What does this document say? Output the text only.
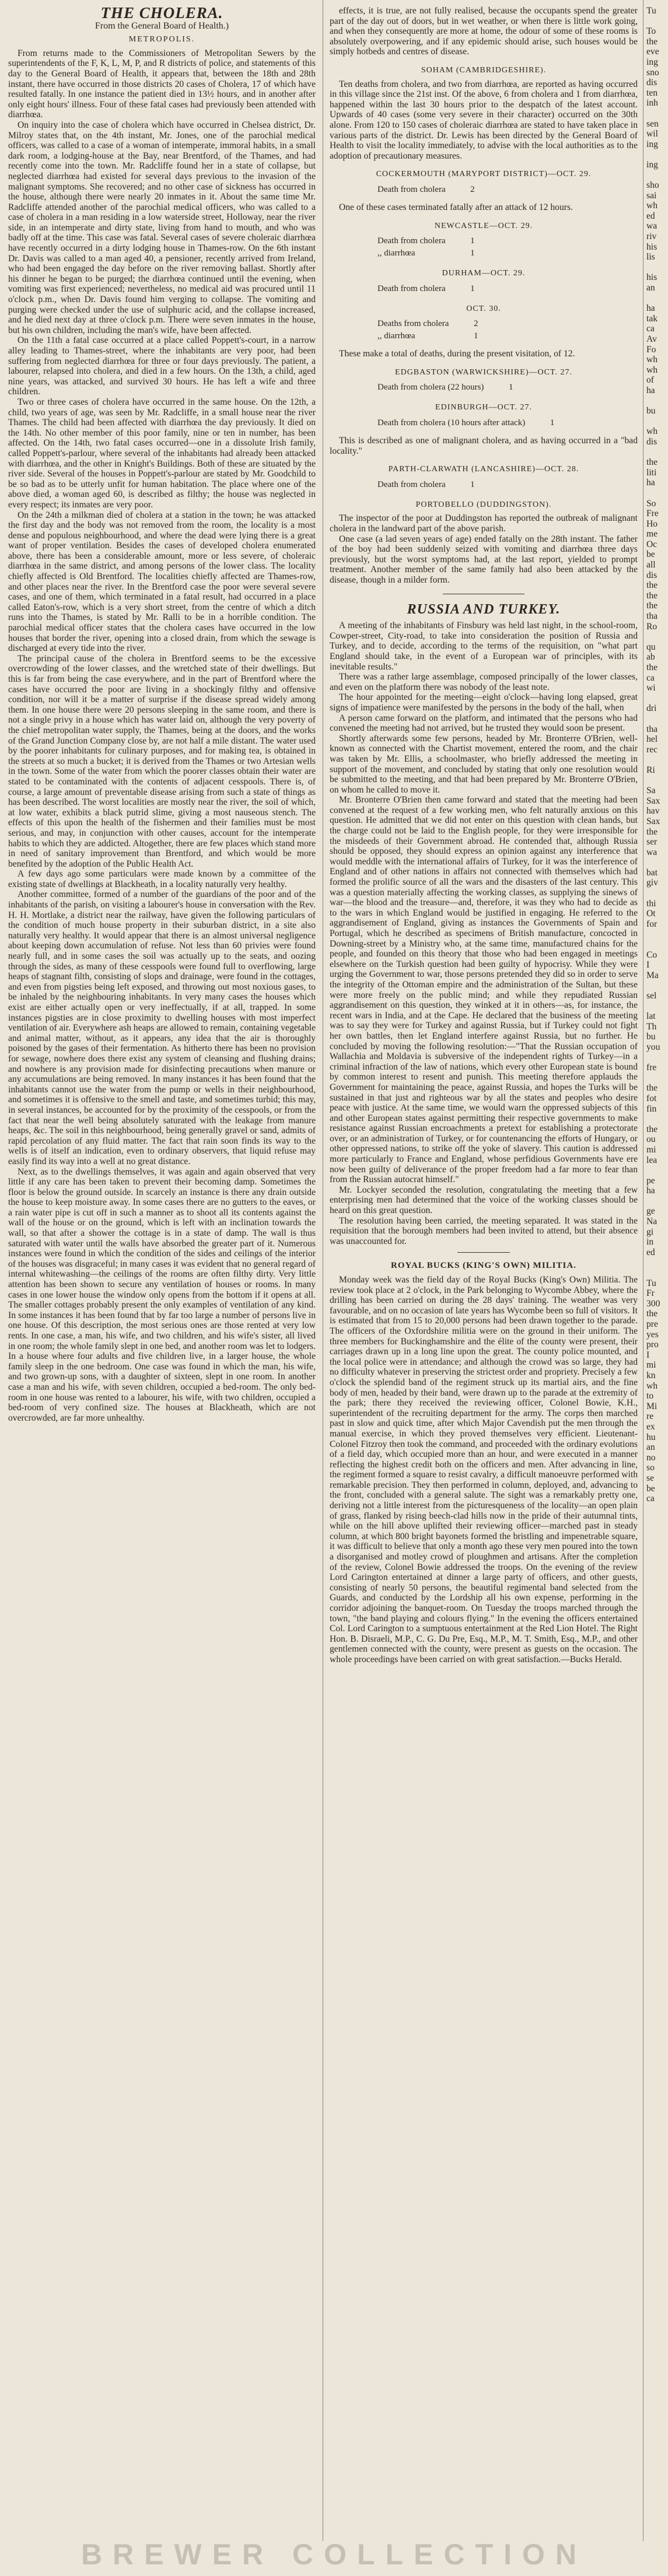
THE CHOLERA.
From the General Board of Health.)
METROPOLIS.

From returns made to the Commissioners of Metropolitan Sewers by the superintendents of the F, K, L, M, P, and R districts of police, and statements of this day to the General Board of Health, it appears that, between the 18th and 28th instant, there have occurred in those districts 20 cases of Cholera, 17 of which have resulted fatally. In one instance the patient died in 13½ hours, and in another after only eight hours' illness. Four of these fatal cases had previously been attended with diarrhœa.

On inquiry into the case of cholera which have occurred in Chelsea district, Dr. Milroy states that, on the 4th instant, Mr. Jones, one of the parochial medical officers, was called to a case of a woman of intemperate, immoral habits, in a small dark room, a lodging-house at the Bay, near Brentford, of the Thames, and had recently come into the town. Mr. Radcliffe found her in a state of collapse, but neglected diarrhœa had existed for several days previous to the invasion of the malignant symptoms. She recovered; and no other case of sickness has occurred in the house, although there were nearly 20 inmates in it. About the same time Mr. Radcliffe attended another of the parochial medical officers, who was called to a case of cholera in a man residing in a low waterside street, Holloway, near the river side, in an intemperate and dirty state, living from hand to mouth, and who was badly off at the time. This case was fatal. Several cases of severe choleraic diarrhœa have recently occurred in a dirty lodging house in Thames-row. On the 6th instant Dr. Davis was called to a man aged 40, a pensioner, recently arrived from Ireland, who had been engaged the day before on the river removing ballast. Shortly after his dinner he began to be purged; the diarrhœa continued until the evening, when vomiting was first experienced; nevertheless, no medical aid was procured until 11 o'clock p.m., when Dr. Davis found him verging to collapse. The vomiting and purging were checked under the use of sulphuric acid, and the collapse increased, and he died next day at three o'clock p.m. There were seven inmates in the house, but his own children, including the man's wife, have been affected.

On the 11th a fatal case occurred at a place called Poppett's-court, in a narrow alley leading to Thames-street, where the inhabitants are very poor, had been suffering from neglected diarrhœa for three or four days previously. The patient, a labourer, relapsed into cholera, and died in a few hours. On the 13th, a child, aged nine years, was attacked, and survived 30 hours. He has left a wife and three children.

Two or three cases of cholera have occurred in the same house. On the 12th, a child, two years of age, was seen by Mr. Radcliffe, in a small house near the river Thames. The child had been affected with diarrhœa the day previously. It died on the 14th. No other member of this poor family, nine or ten in number, has been affected. On the 14th, two fatal cases occurred—one in a dissolute Irish family, called Poppett's-parlour, where several of the inhabitants had already been attacked with diarrhœa, and the other in Knight's Buildings. Both of these are situated by the river side. Several of the houses in Poppett's-parlour are stated by Mr. Goodchild to be so bad as to be utterly unfit for human habitation. The place where one of the above died, a woman aged 60, is described as filthy; the house was neglected in every respect; its inmates are very poor.

On the 24th a milkman died of cholera at a station in the town; he was attacked the first day and the body was not removed from the room, the locality is a most dense and populous neighbourhood, and where the dead were lying there is a great want of proper ventilation. Besides the cases of developed cholera enumerated above, there has been a considerable amount, more or less severe, of choleraic diarrhœa in the same district, and among persons of the lower class. The locality chiefly affected is Old Brentford. The localities chiefly affected are Thames-row, and other places near the river. In the Brentford case the poor were several severe cases, and one of them, which terminated in a fatal result, had occurred in a place called Eaton's-row, which is a very short street, from the centre of which a ditch runs into the Thames, is stated by Mr. Ralli to be in a horrible condition. The parochial medical officer states that the cholera cases have occurred in the low houses that border the river, opening into a closed drain, from which the sewage is discharged at every tide into the river.

The principal cause of the cholera in Brentford seems to be the excessive overcrowding of the lower classes, and the wretched state of their dwellings. But this is far from being the case everywhere, and in the part of Brentford where the cases have occurred the poor are living in a shockingly filthy and offensive condition, nor will it be a matter of surprise if the disease spread widely among them. In one house there were 20 persons sleeping in the same room, and there is not a single privy in a house which has water laid on, although the very poverty of the chief metropolitan water supply, the Thames, being at the doors, and the works of the Grand Junction Company close by, are not half a mile distant. The water used by the poorer inhabitants for culinary purposes, and for making tea, is obtained in the streets at so much a bucket; it is derived from the Thames or two Artesian wells in the town. Some of the water from which the poorer classes obtain their water are stated to be contaminated with the contents of adjacent cesspools. There is, of course, a large amount of preventable disease arising from such a state of things as has been described. The worst localities are mostly near the river, the soil of which, at low water, exhibits a black putrid slime, giving a most nauseous stench. The effects of this upon the health of the fishermen and their families must be most serious, and may, in conjunction with other causes, account for the intemperate habits to which they are addicted. Altogether, there are few places which stand more in need of sanitary improvement than Brentford, and which would be more benefited by the adoption of the Public Health Act.

A few days ago some particulars were made known by a committee of the existing state of dwellings at Blackheath, in a locality naturally very healthy.

Another committee, formed of a number of the guardians of the poor and of the inhabitants of the parish, on visiting a labourer's house in conversation with the Rev. H. H. Mortlake, a district near the railway, have given the following particulars of the condition of much house property in their suburban district, in a site also naturally very healthy. It would appear that there is an almost universal negligence about keeping down accumulation of refuse. Not less than 60 privies were found nearly full, and in some cases the soil was actually up to the seats, and oozing through the sides, as many of these cesspools were found full to overflowing, large heaps of stagnant filth, consisting of slops and drainage, were found in the cottages, and even from pigsties being left exposed, and throwing out most noxious gases, to be inhaled by the neighbouring inhabitants. In very many cases the houses which exist are either actually open or very ineffectually, if at all, trapped. In some instances pigsties are in close proximity to dwelling houses with most imperfect ventilation of air. Everywhere ash heaps are allowed to remain, containing vegetable and animal matter, without, as it appears, any idea that the air is thoroughly poisoned by the gases of their fermentation. As hitherto there has been no provision for sewage, nowhere does there exist any system of cleansing and flushing drains; and nowhere is any provision made for disinfecting precautions when manure or any accumulations are being removed. In many instances it has been found that the inhabitants cannot use the water from the pump or wells in their neighbourhood, and sometimes it is offensive to the smell and taste, and sometimes turbid; this may, in several instances, be accounted for by the proximity of the cesspools, or from the fact that near the well being absolutely saturated with the leakage from manure heaps, &c. The soil in this neighbourhood, being generally gravel or sand, admits of rapid percolation of any fluid matter. The fact that rain soon finds its way to the wells is of itself an indication, even to ordinary observers, that liquid refuse may easily find its way into a well at no great distance.

Next, as to the dwellings themselves, it was again and again observed that very little if any care has been taken to prevent their becoming damp. Sometimes the floor is below the ground outside. In scarcely an instance is there any drain outside the house to keep moisture away. In some cases there are no gutters to the eaves, or a rain water pipe is cut off in such a manner as to shoot all its contents against the wall of the house or on the ground, which is left with an inclination towards the wall, so that after a shower the cottage is in a state of damp. The wall is thus saturated with water until the walls have absorbed the greater part of it. Numerous instances were found in which the condition of the sides and ceilings of the interior of the houses was disgraceful; in many cases it was evident that no general regard of internal whitewashing—the ceilings of the rooms are often filthy dirty. Very little attention has been shown to secure any ventilation of houses or rooms. In many cases in one lower house the window only opens from the bottom if it opens at all. The smaller cottages probably present the only examples of ventilation of any kind. In some instances it has been found that by far too large a number of persons live in one house. Of this description, the most serious ones are those rented at very low rents. In one case, a man, his wife, and two children, and his wife's sister, all lived in one room; the whole family slept in one bed, and another room was let to lodgers. In a house where four adults and five children live, in a larger house, the whole family sleep in the one bedroom. One case was found in which the man, his wife, and two grown-up sons, with a daughter of sixteen, slept in one room. In another case a man and his wife, with seven children, occupied a bed-room. The only bed-room in one house was rented to a labourer, his wife, with two children, occupied a bed-room of very confined size. The houses at Blackheath, which are not overcrowded, are far more unhealthy.

effects, it is true, are not fully realised, because the occupants spend the greater part of the day out of doors, but in wet weather, or when there is little work going, and when they consequently are more at home, the odour of some of these rooms is absolutely overpowering, and if any epidemic should arise, such houses would be simply hotbeds and centres of disease.

SOHAM (CAMBRIDGESHIRE).

Ten deaths from cholera, and two from diarrhœa, are reported as having occurred in this village since the 21st inst. Of the above, 6 from cholera and 1 from diarrhœa, happened within the last 30 hours prior to the despatch of the latest account. Upwards of 40 cases (some very severe in their character) occurred on the 30th alone. From 120 to 150 cases of choleraic diarrhœa are stated to have taken place in various parts of the district. Dr. Lewis has been directed by the General Board of Health to visit the locality immediately, to advise with the local authorities as to the adoption of precautionary measures.

COCKERMOUTH (MARYPORT DISTRICT)—OCT. 29.
Death from cholera	2

One of these cases terminated fatally after an attack of 12 hours.

NEWCASTLE—OCT. 29.
Death from cholera	1
,, diarrhœa	1
DURHAM—OCT. 29.
Death from cholera	1
OCT. 30.
Deaths from cholera	2
,, diarrhœa	1

These make a total of deaths, during the present visitation, of 12.

EDGBASTON (WARWICKSHIRE)—OCT. 27.
Death from cholera (22 hours)	1
EDINBURGH—OCT. 27.
Death from cholera (10 hours after attack)	1

This is described as one of malignant cholera, and as having occurred in a "bad locality."

PARTH-CLARWATH (LANCASHIRE)—OCT. 28.
Death from cholera	1
PORTOBELLO (DUDDINGSTON).

The inspector of the poor at Duddingston has reported the outbreak of malignant cholera in the landward part of the above parish.

One case (a lad seven years of age) ended fatally on the 28th instant. The father of the boy had been suddenly seized with vomiting and diarrhœa three days previously, but the worst symptoms had, at the last report, yielded to prompt treatment. Another member of the same family had also been attacked by the disease, though in a milder form.

RUSSIA AND TURKEY.

A meeting of the inhabitants of Finsbury was held last night, in the school-room, Cowper-street, City-road, to take into consideration the position of Russia and Turkey, and to decide, according to the terms of the requisition, on "what part England should take, in the event of a European war of principles, with its inevitable results."

There was a rather large assemblage, composed principally of the lower classes, and even on the platform there was nobody of the least note.

The hour appointed for the meeting—eight o'clock—having long elapsed, great signs of impatience were manifested by the persons in the body of the hall, when

A person came forward on the platform, and intimated that the persons who had convened the meeting had not arrived, but he trusted they would soon be present.

Shortly afterwards some few persons, headed by Mr. Bronterre O'Brien, well-known as connected with the Chartist movement, entered the room, and the chair was taken by Mr. Ellis, a schoolmaster, who briefly addressed the meeting in support of the movement, and concluded by stating that only one resolution would be submitted to the meeting, and that had been prepared by Mr. Bronterre O'Brien, on whom he called to move it.

Mr. Bronterre O'Brien then came forward and stated that the meeting had been convened at the request of a few working men, who felt naturally anxious on this question. He admitted that we did not enter on this question with clean hands, but the charge could not be laid to the English people, for they were irresponsible for the misdeeds of their Government abroad. He contended that, although Russia should be opposed, they should express an opinion against any interference that would meddle with the international affairs of Turkey, for it was the interference of England and of other nations in affairs not connected with themselves which had formed the prolific source of all the wars and the disasters of the last century. This was a question materially affecting the working classes, as supplying the sinews of war—the blood and the treasure—and, therefore, it was they who had to decide as to the wars in which England would be justified in engaging. He referred to the aggrandisement of England, giving as instances the Governments of Spain and Portugal, which he described as specimens of British manufacture, concocted in Downing-street by a Ministry who, at the same time, manufactured chains for the people, and founded on this theory that those who had been engaged in meetings elsewhere on the Turkish question had been guilty of hypocrisy. While they were urging the Government to war, those persons pretended they did so in order to serve the integrity of the Ottoman empire and the administration of the Sultan, but these were more freely on the public mind; and while they repudiated Russian aggrandisement on this question, they winked at it in others—as, for instance, the recent wars in India, and at the Cape. He declared that the business of the meeting was to say they were for Turkey and against Russia, but if Turkey could not fight her own battles, then let England interfere against Russia, but no further. He concluded by moving the following resolution:—"That the Russian occupation of Wallachia and Moldavia is subversive of the independent rights of Turkey—in a criminal infraction of the law of nations, which every other European state is bound by common interest to resent and punish. This meeting therefore applauds the Government for maintaining the peace, against Russia, and hopes the Turks will be sustained in that just and righteous war by all the states and peoples who desire peace with justice. At the same time, we would warn the oppressed subjects of this and other European states against permitting their respective governments to make resistance against Russian encroachments a pretext for establishing a protectorate over, or an administration of Turkey, or for countenancing the efforts of Hungary, or other oppressed nations, to strike off the yoke of slavery. This caution is addressed more particularly to France and England, whose perfidious Governments have ere now been guilty of deliverance of the proper freedom had a far more to fear than from the Russian autocrat himself."

Mr. Lockyer seconded the resolution, congratulating the meeting that a few enterprising men had determined that the voice of the working classes should be heard on this great question.

The resolution having been carried, the meeting separated. It was stated in the requisition that the borough members had been invited to attend, but their absence was unaccounted for.

ROYAL BUCKS (KING'S OWN) MILITIA.

Monday week was the field day of the Royal Bucks (King's Own) Militia. The review took place at 2 o'clock, in the Park belonging to Wycombe Abbey, where the drilling has been carried on during the 28 days' training. The weather was very favourable, and on no occasion of late years has Wycombe been so full of visitors. It is estimated that from 15 to 20,000 persons had been drawn together to the parade. The officers of the Oxfordshire militia were on the ground in their uniform. The three members for Buckinghamshire and the élite of the county were present, their carriages drawn up in a long line upon the great. The county police mounted, and the local police were in attendance; and although the crowd was so large, they had no difficulty whatever in preserving the strictest order and propriety. Precisely a few o'clock the splendid band of the regiment struck up its martial airs, and the fine body of men, headed by their band, were drawn up to the parade at the extremity of the park; there they received the reviewing officer, Colonel Bowie, K.H., superintendent of the recruiting department for the army. The corps then marched past in slow and quick time, after which Major Cavendish put the men through the manual exercise, in which they proved themselves very efficient. Lieutenant-Colonel Fitzroy then took the command, and proceeded with the ordinary evolutions of a field day, which occupied more than an hour, and were executed in a manner reflecting the highest credit both on the officers and men. After advancing in line, the regiment formed a square to resist cavalry, a difficult manoeuvre performed with remarkable precision. They then performed in column, deployed, and, advancing to the front, concluded with a general salute. The sight was a remarkably pretty one, deriving not a little interest from the picturesqueness of the locality—an open plain of grass, flanked by rising beech-clad hills now in the pride of their autumnal tints, while on the hill above uplifted their reviewing officer—marched past in steady column, at which 800 bright bayonets formed the bristling and impenetrable square, it was difficult to believe that only a month ago these very men poured into the town a disorganised and motley crowd of ploughmen and artisans. After the completion of the review, Colonel Bowie addressed the troops. On the evening of the review Lord Carington entertained at dinner a large party of officers, and other guests, consisting of nearly 50 persons, the beautiful regimental band selected from the Guards, and conducted by the Lordship all his own expense, performing in the corridor adjoining the banquet-room. On Tuesday the troops marched through the town, "the band playing and colours flying." In the evening the officers entertained Col. Lord Carington to a sumptuous entertainment at the Red Lion Hotel. The Right Hon. B. Disraeli, M.P., C. G. Du Pre, Esq., M.P., M. T. Smith, Esq., M.P., and other gentlemen connected with the county, were present as guests on the occasion. The whole proceedings have been carried on with great satisfaction.—Bucks Herald.

Tu

To
the
eve
ing
sno
dis
ten
inh

sen
wil
ing

ing

sho
sai
wh
ed
wa
riv
his
lis

his
an

ha
tak
ca
Av
Fo
wh
wh
of
ha

bu

wh
dis

the
liti
ha

So
Fre
Ho
me
Oc
be
all
dis
the
the
the
tha
Ro

qu
ab
the
ca
wi

dri

tha
hel
rec

Ri

Sa
Sax
hav
Sax
the
ser
wa

bat
giv

thi
Ot
for

Co
I
Ma

sel

lat
Th
bu
you

fre

the
fot
fin

the
ou
mi
lea

pe
ha

ge
Na
gi
in
ed

Tu
Fr
300
the
pre
yes
pro
I
mi
kn
wh
to
Mi
re
ex
hu
an
no
so
se
be
ca
BREWER COLLECTION
